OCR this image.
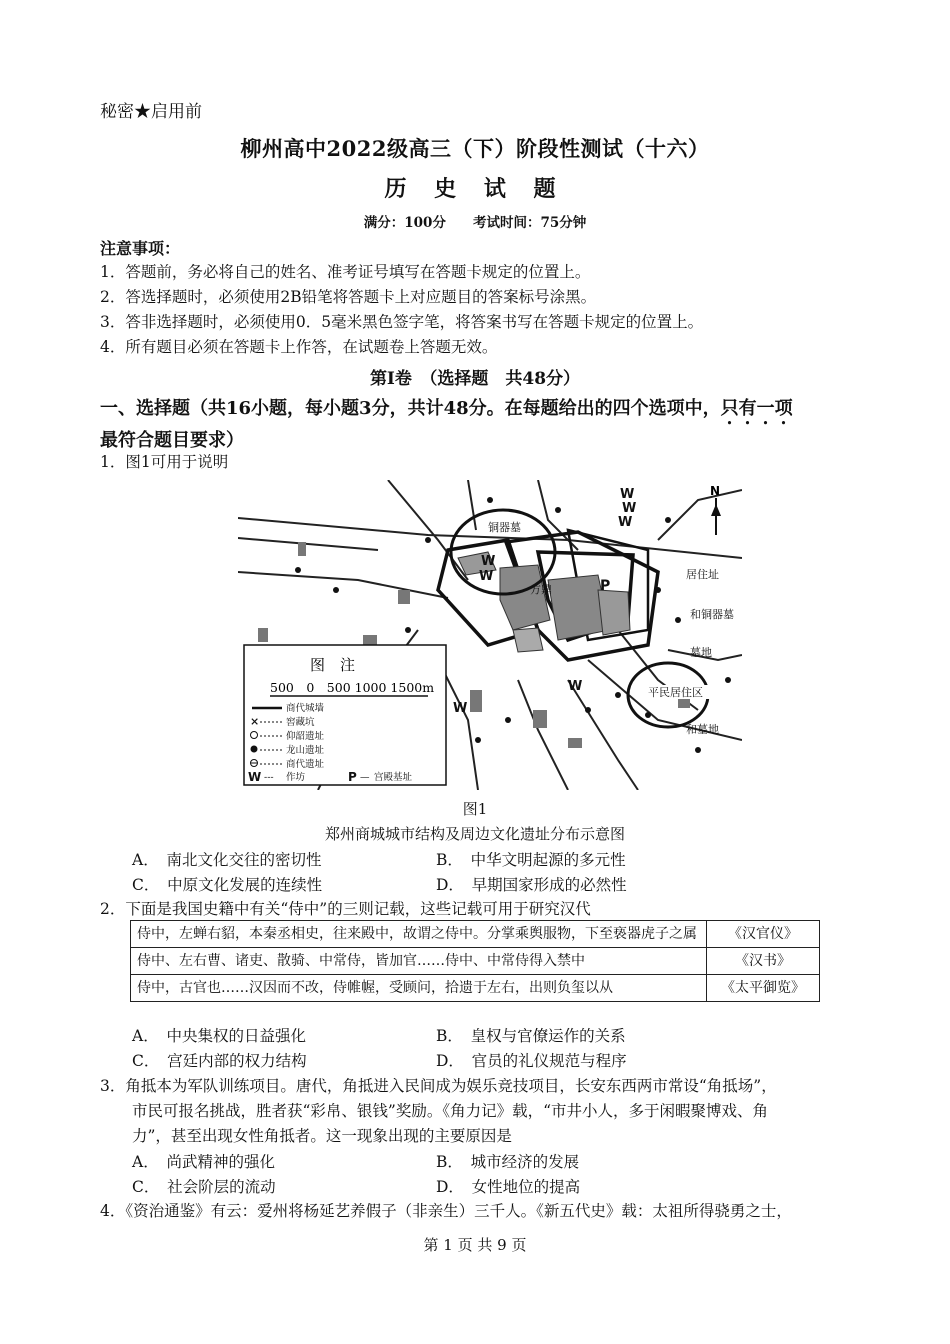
秘密★启用前
柳州高中2022级高三（下）阶段性测试（十六）
历 史 试 题
满分：100分　　考试时间：75分钟
注意事项：
1．答题前，务必将自己的姓名、准考证号填写在答题卡规定的位置上。
2．答选择题时，必须使用2B铅笔将答题卡上对应题目的答案标号涂黑。
3．答非选择题时，必须使用0．5毫米黑色签字笔，将答案书写在答题卡规定的位置上。
4．所有题目必须在答题卡上作答，在试题卷上答题无效。
第Ⅰ卷　（选择题　共48分）
一、选择题（共16小题，每小题3分，共计48分。在每题给出的四个选项中，只有一项
最符合题目要求）
1．图1可用于说明
W
W
W
W
W
W
W
P
N
铜器墓
方鼎
居住址
和铜器墓
墓地
平民居住区
和墓地
图　注
500　0　500 1000 1500m
商代城墙
×	窖藏坑
仰韶遗址
龙山遗址
商代遗址
W --- 作坊	P — 宫殿基址
图1
郑州商城城市结构及周边文化遗址分布示意图
A．　南北文化交往的密切性	B．　中华文明起源的多元性
C．　中原文化发展的连续性	D．　早期国家形成的必然性
2．下面是我国史籍中有关“侍中”的三则记载，这些记载可用于研究汉代
侍中，左蝉右貂，本秦丞相史，往来殿中，故谓之侍中。分掌乘舆服物，下至亵器虎子之属	《汉官仪》
侍中、左右曹、诸吏、散骑、中常侍，皆加官……侍中、中常侍得入禁中	《汉书》
侍中，古官也……汉因而不改，侍帷幄，受顾问，拾遗于左右，出则负玺以从	《太平御览》
A．　中央集权的日益强化	B．　皇权与官僚运作的关系
C．　宫廷内部的权力结构	D．　官员的礼仪规范与程序
3．角抵本为军队训练项目。唐代，角抵进入民间成为娱乐竞技项目，长安东西两市常设“角抵场”，
市民可报名挑战，胜者获“彩帛、银钱”奖励。《角力记》载，“市井小人，多于闲暇聚博戏、角
力”，甚至出现女性角抵者。这一现象出现的主要原因是
A．　尚武精神的强化	B．　城市经济的发展
C．　社会阶层的流动	D．　女性地位的提高
4．《资治通鉴》有云：爱州将杨延艺养假子（非亲生）三千人。《新五代史》载：太祖所得骁勇之士，
第 1 页 共 9 页
